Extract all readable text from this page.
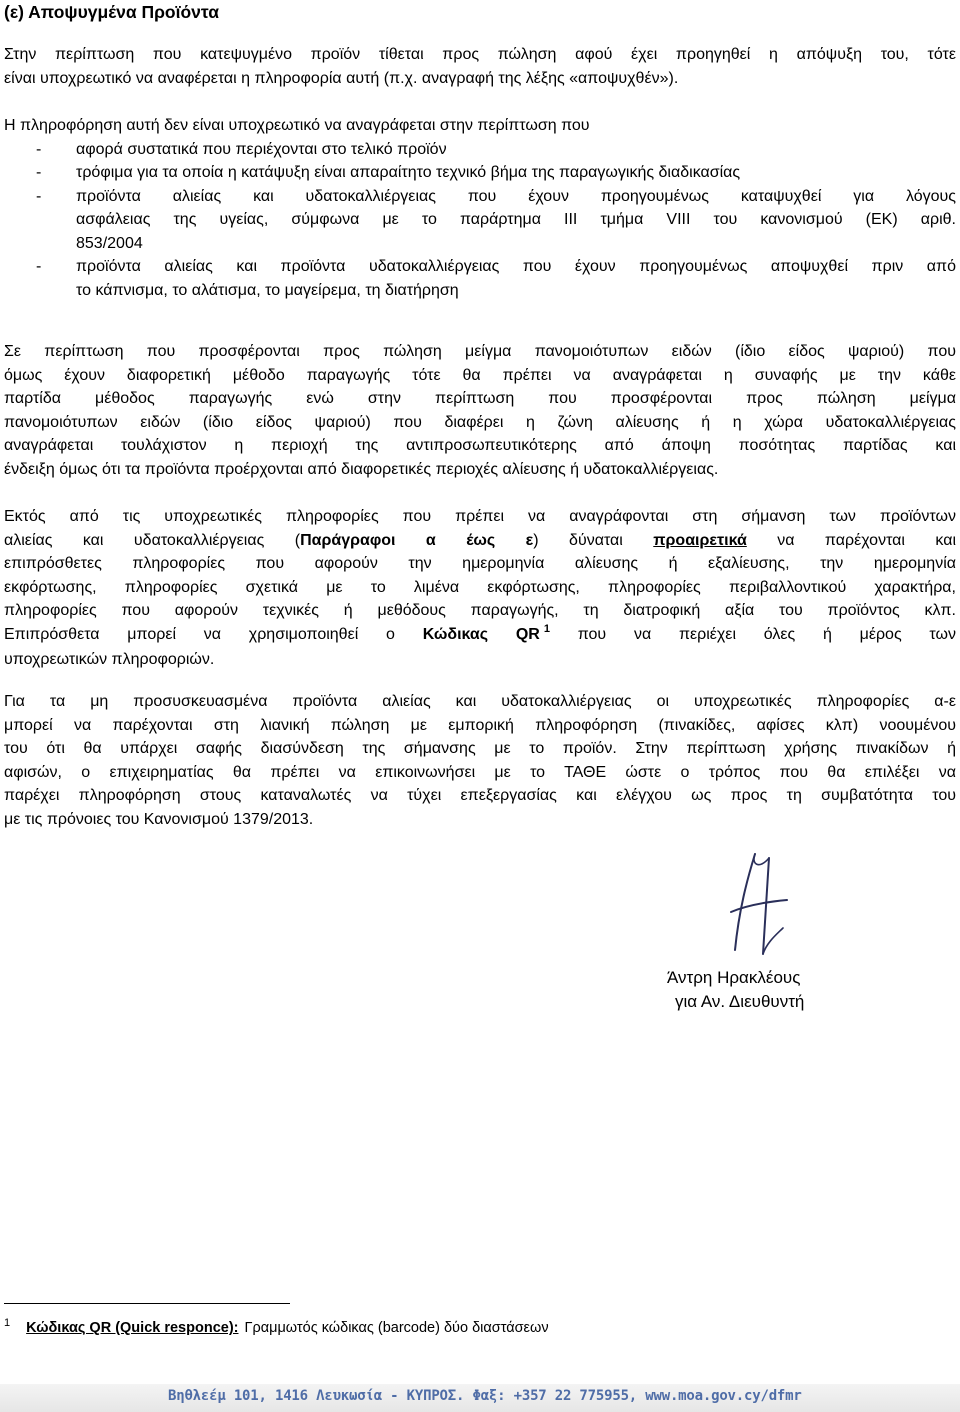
(ε) Αποψυγμένα Προϊόντα
Στην περίπτωση που κατεψυγμένο προϊόν τίθεται προς πώληση αφού έχει προηγηθεί η απόψυξη του, τότε
είναι υποχρεωτικό να αναφέρεται η πληροφορία αυτή (π.χ. αναγραφή της λέξης «αποψυχθέν»).
Η πληροφόρηση αυτή δεν είναι υποχρεωτικό να αναγράφεται στην περίπτωση που
- αφορά συστατικά που περιέχονται στο τελικό προϊόν
- τρόφιμα για τα οποία η κατάψυξη είναι απαραίτητο τεχνικό βήμα της παραγωγικής διαδικασίας
- προϊόντα αλιείας και υδατοκαλλιέργειας που έχουν προηγουμένως καταψυχθεί για λόγους
ασφάλειας της υγείας, σύμφωνα με το παράρτημα ΙΙΙ τμήμα VIII του κανονισμού (ΕΚ) αριθ.
853/2004
- προϊόντα αλιείας και προϊόντα υδατοκαλλιέργειας που έχουν προηγουμένως αποψυχθεί πριν από
το κάπνισμα, το αλάτισμα, το μαγείρεμα, τη διατήρηση
Σε περίπτωση που προσφέρονται προς πώληση μείγμα πανομοιότυπων ειδών (ίδιο είδος ψαριού) που
όμως έχουν διαφορετική μέθοδο παραγωγής τότε θα πρέπει να αναγράφεται η συναφής με την κάθε
παρτίδα μέθοδος παραγωγής ενώ στην περίπτωση που προσφέρονται προς πώληση μείγμα
πανομοιότυπων ειδών (ίδιο είδος ψαριού) που διαφέρει η ζώνη αλίευσης ή η χώρα υδατοκαλλιέργειας
αναγράφεται τουλάχιστον η περιοχή της αντιπροσωπευτικότερης από άποψη ποσότητας παρτίδας και
ένδειξη όμως ότι τα προϊόντα προέρχονται από διαφορετικές περιοχές αλίευσης ή υδατοκαλλιέργειας.
Εκτός από τις υποχρεωτικές πληροφορίες που πρέπει να αναγράφονται στη σήμανση των προϊόντων
αλιείας και υδατοκαλλιέργειας (Παράγραφοι α έως ε) δύναται προαιρετικά να παρέχονται και
επιπρόσθετες πληροφορίες που αφορούν την ημερομηνία αλίευσης ή εξαλίευσης, την ημερομηνία
εκφόρτωσης, πληροφορίες σχετικά με το λιμένα εκφόρτωσης, πληροφορίες περιβαλλοντικού χαρακτήρα,
πληροφορίες που αφορούν τεχνικές ή μεθόδους παραγωγής, τη διατροφική αξία του προϊόντος κλπ.
Επιπρόσθετα μπορεί να χρησιμοποιηθεί ο Κώδικας QR $^1$ που να περιέχει όλες ή μέρος των
υποχρεωτικών πληροφοριών.
Για τα μη προσυσκευασμένα προϊόντα αλιείας και υδατοκαλλιέργειας οι υποχρεωτικές πληροφορίες α-ε
μπορεί να παρέχονται στη λιανική πώληση με εμπορική πληροφόρηση (πινακίδες, αφίσες κλπ) νοουμένου
του ότι θα υπάρχει σαφής διασύνδεση της σήμανσης με το προϊόν. Στην περίπτωση χρήσης πινακίδων ή
αφισών, ο επιχειρηματίας θα πρέπει να επικοινωνήσει με το ΤΑΘΕ ώστε ο τρόπος που θα επιλέξει να
παρέχει πληροφόρηση στους καταναλωτές να τύχει επεξεργασίας και ελέγχου ως προς τη συμβατότητα του
με τις πρόνοιες του Κανονισμού 1379/2013.
Άντρη Ηρακλέους
για Αν. Διευθυντή
$^1$ Κώδικας QR (Quick responce): Γραμμωτός κώδικας (barcode) δύο διαστάσεων
Βηθλεέμ 101, 1416 Λευκωσία - ΚΥΠΡΟΣ. Φαξ: +357 22 775955, www.moa.gov.cy/dfmr
